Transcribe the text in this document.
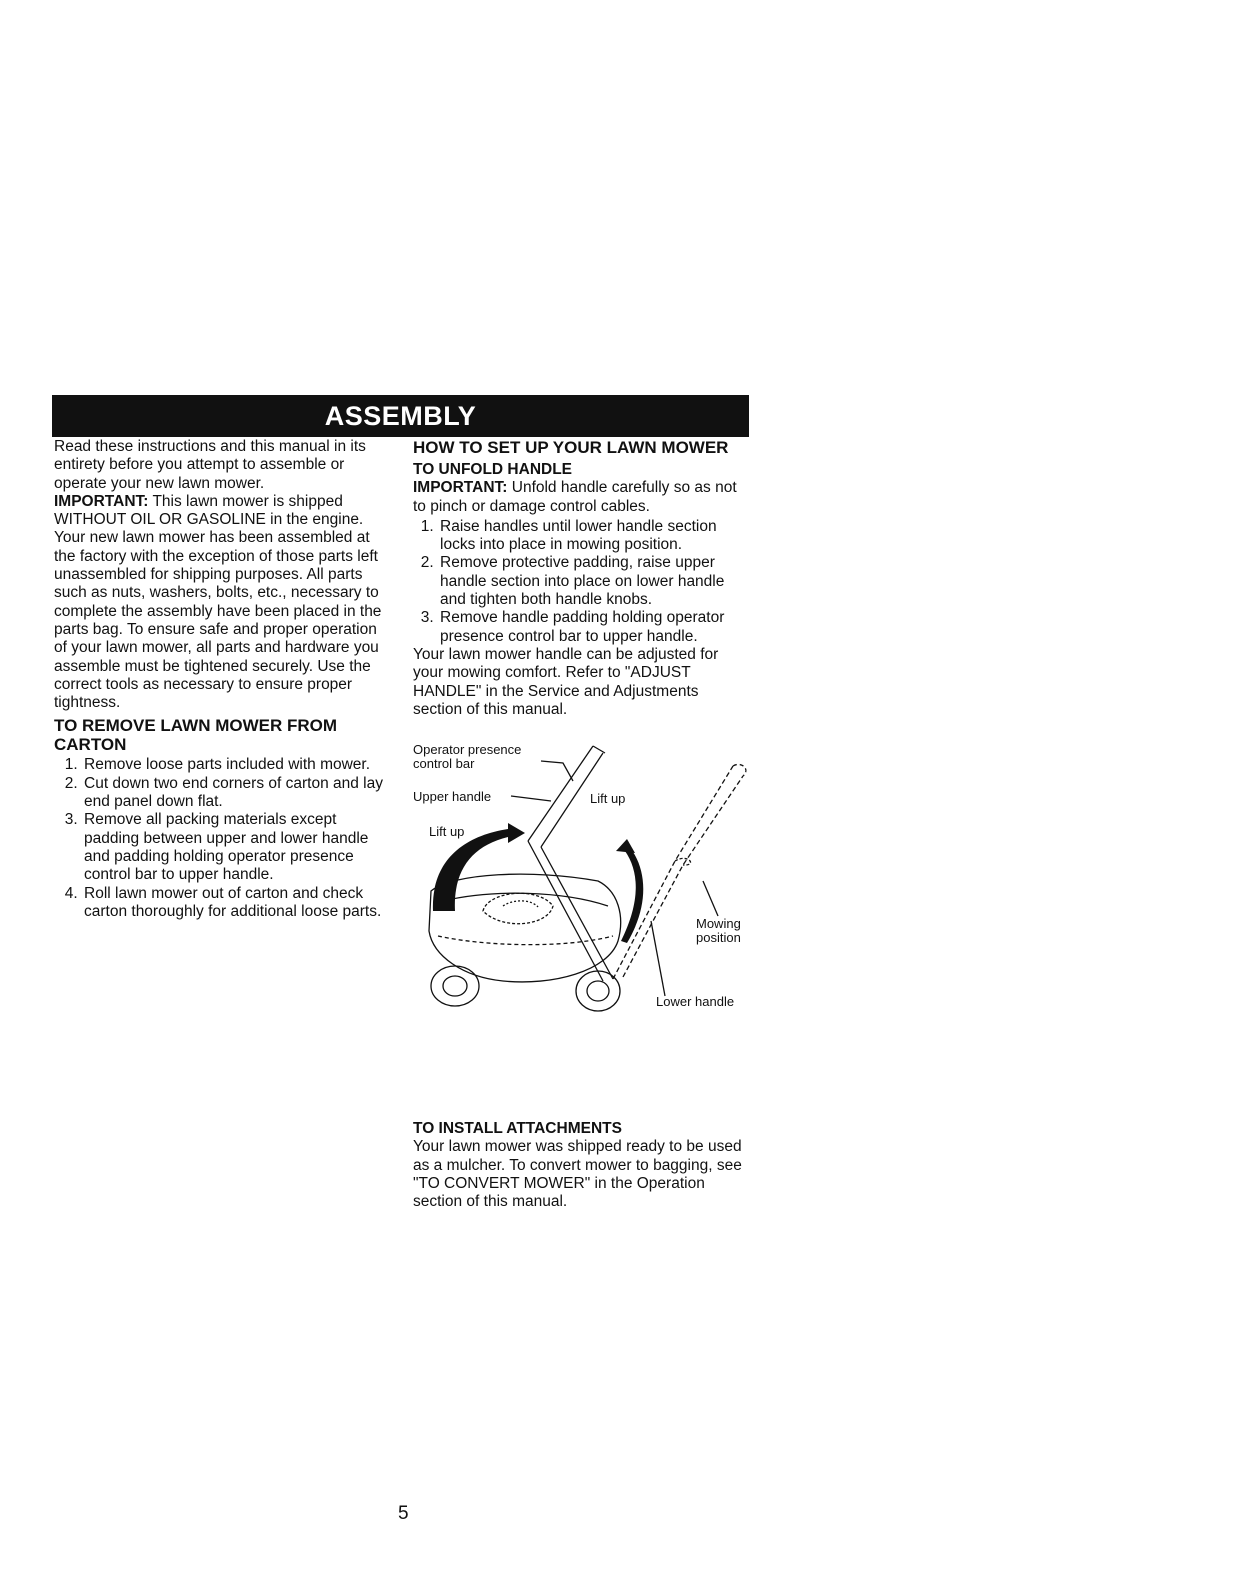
ASSEMBLY

Read these instructions and this manual in its entirety before you attempt to assemble or operate your new lawn mower.

IMPORTANT: This lawn mower is shipped WITHOUT OIL OR GASOLINE in the engine.

Your new lawn mower has been assembled at the factory with the exception of those parts left unassembled for shipping purposes. All parts such as nuts, washers, bolts, etc., necessary to complete the assembly have been placed in the parts bag. To ensure safe and proper operation of your lawn mower, all parts and hardware you assemble must be tightened securely. Use the correct tools as necessary to ensure proper tightness.

TO REMOVE LAWN MOWER FROM CARTON
1. Remove loose parts included with mower.
2. Cut down two end corners of carton and lay end panel down flat.
3. Remove all packing materials except padding between upper and lower handle and padding holding operator presence control bar to upper handle.
4. Roll lawn mower out of carton and check carton thoroughly for additional loose parts.
HOW TO SET UP YOUR LAWN MOWER
TO UNFOLD HANDLE

IMPORTANT: Unfold handle carefully so as not to pinch or damage control cables.

1. Raise handles until lower handle section locks into place in mowing position.
2. Remove protective padding, raise upper handle section into place on lower handle and tighten both handle knobs.
3. Remove handle padding holding operator presence control bar to upper handle.

Your lawn mower handle can be adjusted for your mowing comfort. Refer to "ADJUST HANDLE" in the Service and Adjustments section of this manual.

Operator presence control bar
Upper handle
Lift up
Lift up
Mowing position
Lower handle
TO INSTALL ATTACHMENTS

Your lawn mower was shipped ready to be used as a mulcher. To convert mower to bagging, see "TO CONVERT MOWER" in the Operation section of this manual.

5
